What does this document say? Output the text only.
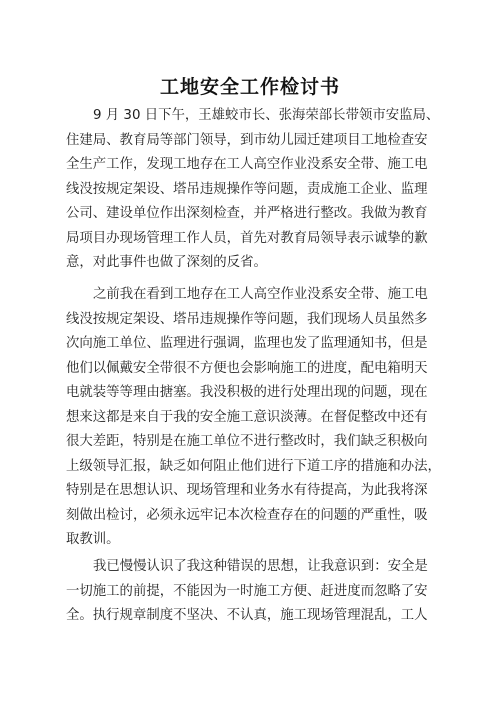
工地安全工作检讨书
9 月 30 日下午，王雄蛟市长、张海荣部长带领市安监局、
住建局、教育局等部门领导，到市幼儿园迁建项目工地检查安
全生产工作，发现工地存在工人高空作业没系安全带、施工电
线没按规定架设、塔吊违规操作等问题，责成施工企业、监理
公司、建设单位作出深刻检查，并严格进行整改。我做为教育
局项目办现场管理工作人员，首先对教育局领导表示诚挚的歉
意，对此事件也做了深刻的反省。
之前我在看到工地存在工人高空作业没系安全带、施工电
线没按规定架设、塔吊违规操作等问题，我们现场人员虽然多
次向施工单位、监理进行强调，监理也发了监理通知书，但是
他们以佩戴安全带很不方便也会影响施工的进度，配电箱明天
电就装等等理由搪塞。我没积极的进行处理出现的问题，现在
想来这都是来自于我的安全施工意识淡薄。在督促整改中还有
很大差距，特别是在施工单位不进行整改时，我们缺乏积极向
上级领导汇报，缺乏如何阻止他们进行下道工序的措施和办法，
特别是在思想认识、现场管理和业务水有待提高，为此我将深
刻做出检讨，必须永远牢记本次检查存在的问题的严重性，吸
取教训。
我已慢慢认识了我这种错误的思想，让我意识到：安全是
一切施工的前提，不能因为一时施工方便、赶进度而忽略了安
全。执行规章制度不坚决、不认真，施工现场管理混乱，工人
